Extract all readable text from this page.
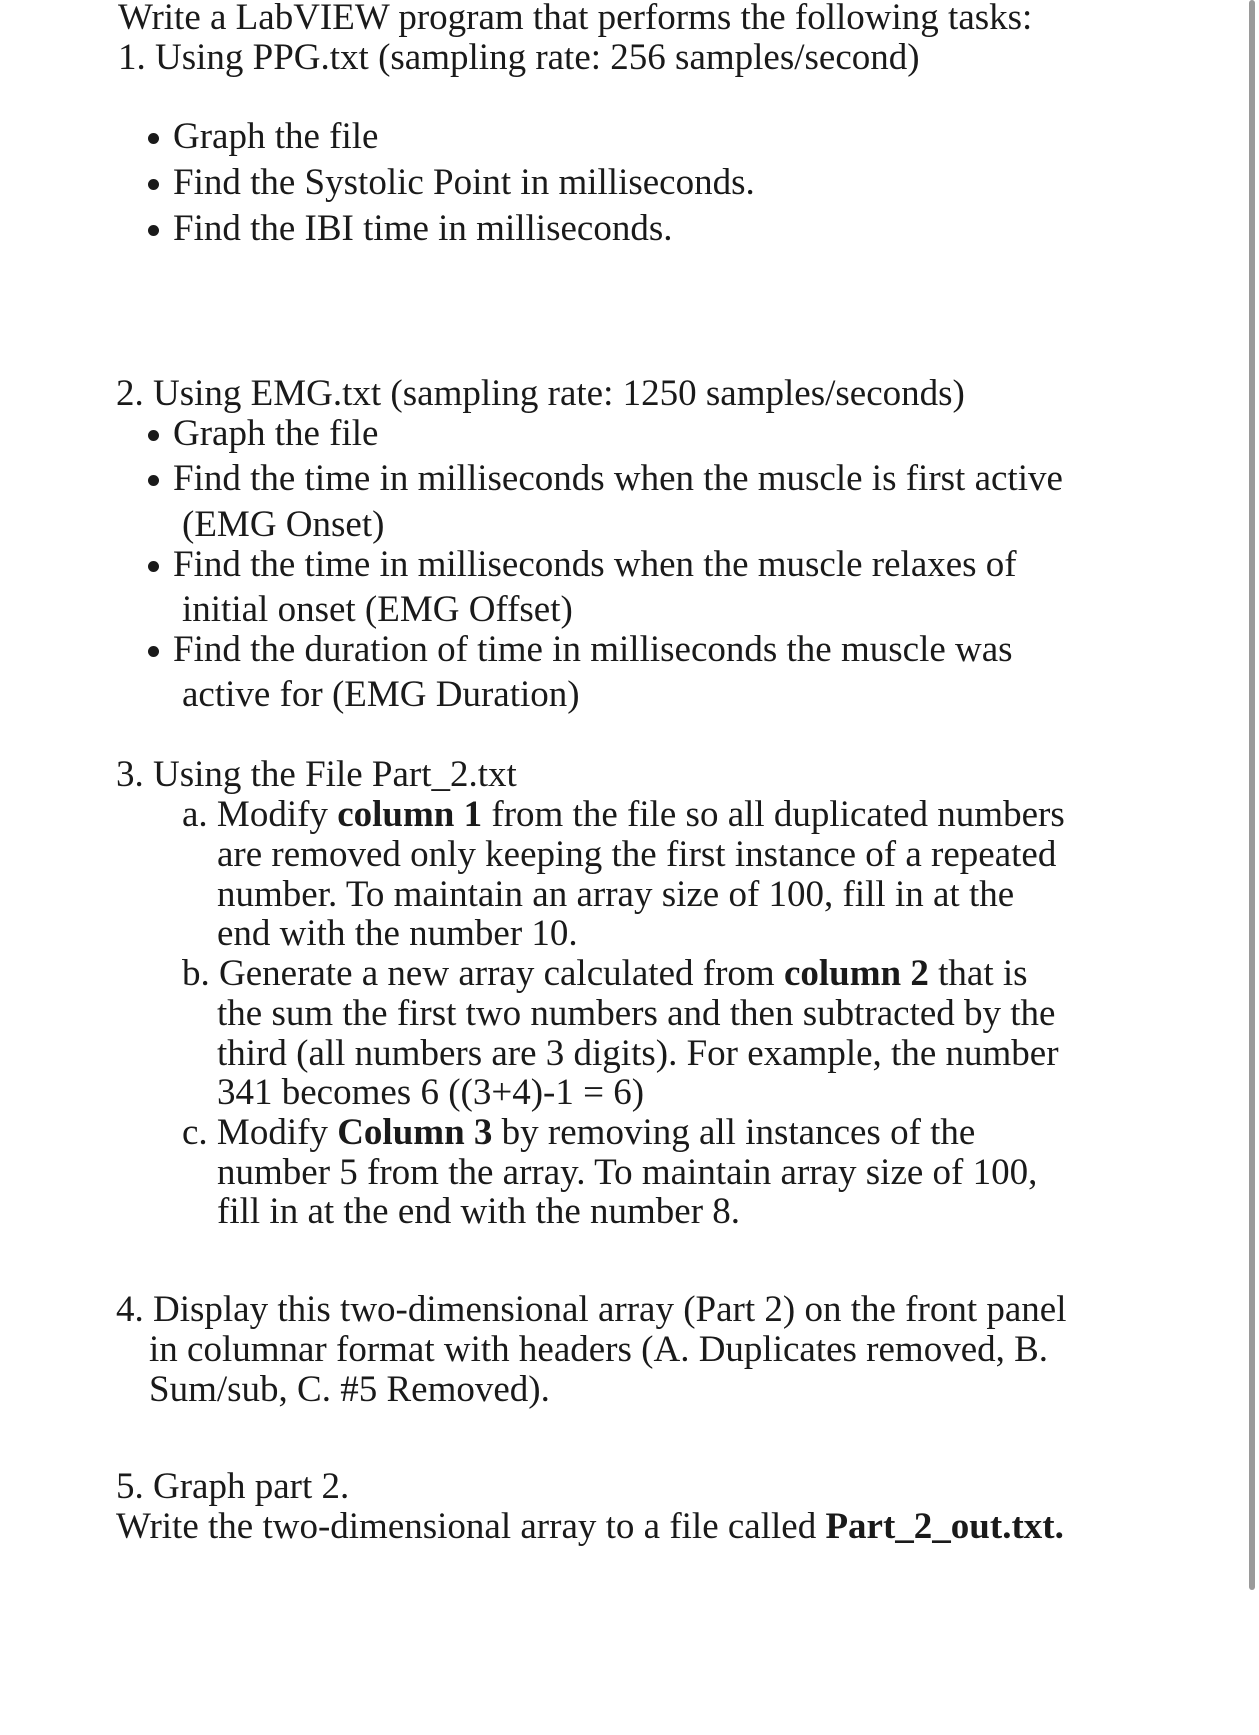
Write a LabVIEW program that performs the following tasks:
1. Using PPG.txt (sampling rate: 256 samples/second)
Graph the file
Find the Systolic Point in milliseconds.
Find the IBI time in milliseconds.
2. Using EMG.txt (sampling rate: 1250 samples/seconds)
Graph the file
Find the time in milliseconds when the muscle is first active
(EMG Onset)
Find the time in milliseconds when the muscle relaxes of
initial onset (EMG Offset)
Find the duration of time in milliseconds the muscle was
active for (EMG Duration)
3. Using the File Part_2.txt
a. Modify column 1 from the file so all duplicated numbers
are removed only keeping the first instance of a repeated
number. To maintain an array size of 100, fill in at the
end with the number 10.
b. Generate a new array calculated from column 2 that is
the sum the first two numbers and then subtracted by the
third (all numbers are 3 digits). For example, the number
341 becomes 6 ((3+4)-1 = 6)
c. Modify Column 3 by removing all instances of the
number 5 from the array. To maintain array size of 100,
fill in at the end with the number 8.
4. Display this two-dimensional array (Part 2) on the front panel
in columnar format with headers (A. Duplicates removed, B.
Sum/sub, C. #5 Removed).
5. Graph part 2.
Write the two-dimensional array to a file called Part_2_out.txt.
